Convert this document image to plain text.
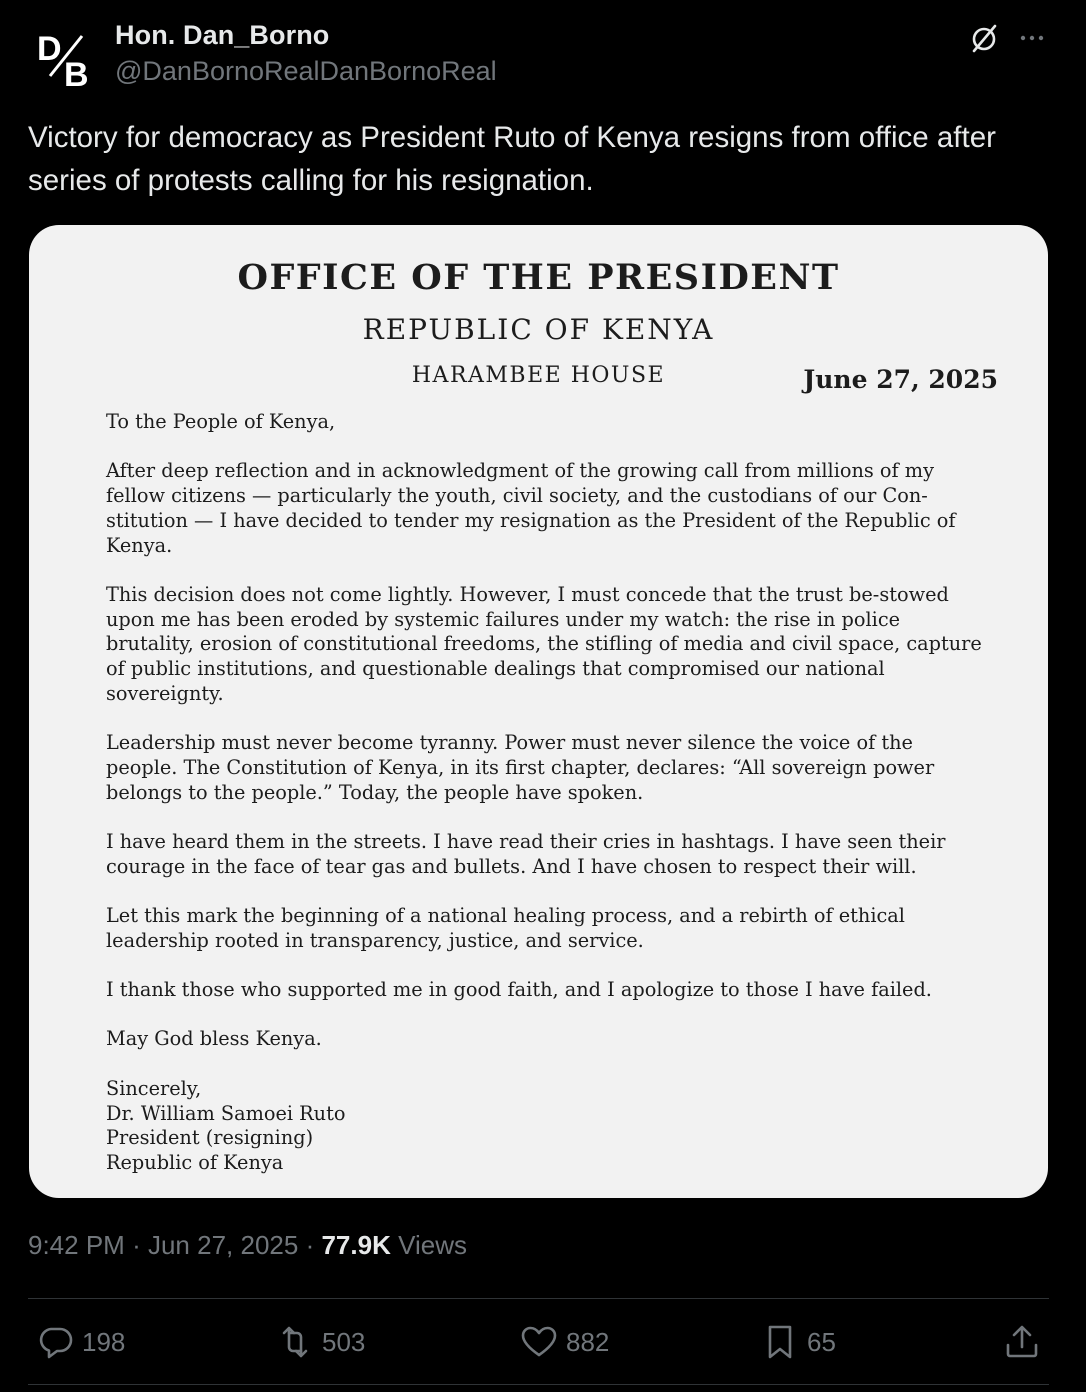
D
B
Hon. Dan_Borno
@DanBornoRealDanBornoReal

Victory for democracy as President Ruto of Kenya resigns from office after series of protests calling for his resignation.

OFFICE OF THE PRESIDENT
REPUBLIC OF KENYA
HARAMBEE HOUSE	June 27, 2025

To the People of Kenya,

After deep reflection and in acknowledgment of the growing call from millions of my fellow citizens — particularly the youth, civil society, and the custodians of our Con-stitution — I have decided to tender my resignation as the President of the Republic of Kenya.

This decision does not come lightly. However, I must concede that the trust be-stowed upon me has been eroded by systemic failures under my watch: the rise in police brutality, erosion of constitutional freedoms, the stifling of media and civil space, capture of public institutions, and questionable dealings that compromised our national sovereignty.

Leadership must never become tyranny. Power must never silence the voice of the people. The Constitution of Kenya, in its first chapter, declares: “All sovereign power belongs to the people.” Today, the people have spoken.

I have heard them in the streets. I have read their cries in hashtags. I have seen their courage in the face of tear gas and bullets. And I have chosen to respect their will.

Let this mark the beginning of a national healing process, and a rebirth of ethical leadership rooted in transparency, justice, and service.

I thank those who supported me in good faith, and I apologize to those I have failed.

May God bless Kenya.

Sincerely,

Dr. William Samoei Ruto

President (resigning)

Republic of Kenya

9:42 PM · Jun 27, 2025 · 77.9K Views
198	503	882	65
